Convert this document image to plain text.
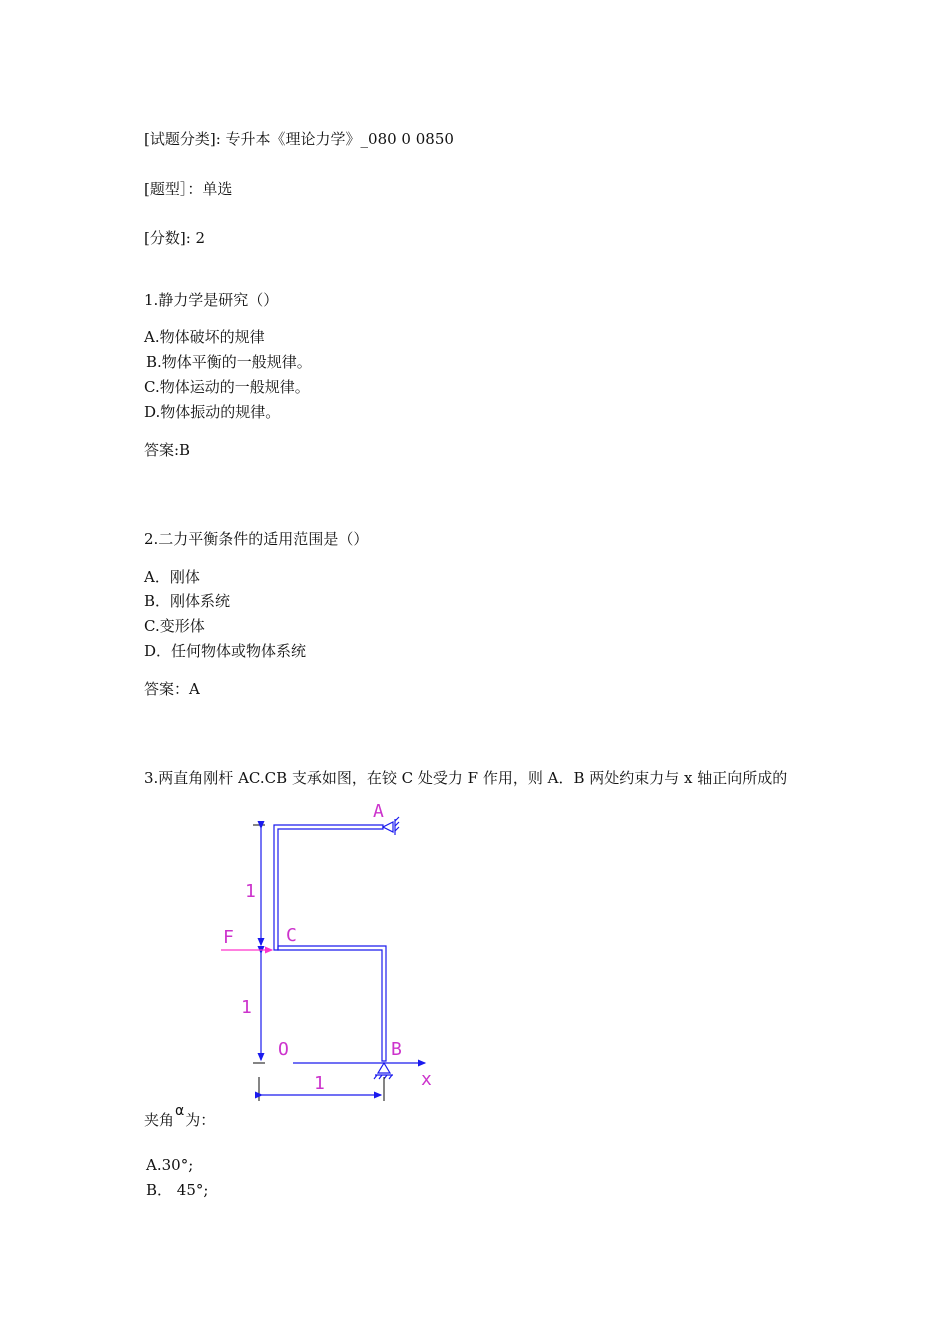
[试题分类]: 专升本《理论力学》_080 0 0850
[题型］：单选
[分数]: 2
1.静力学是研究（）
A.物体破坏的规律
B.物体平衡的一般规律。
C.物体运动的一般规律。
D.物体振动的规律。
答案:B
2.二力平衡条件的适用范围是（）
A．刚体
B．刚体系统
C.变形体
D．任何物体或物体系统
答案：A
3.两直角刚杆 AC.CB 支承如图，在铰 C 处受力 F 作用，则 A．B 两处约束力与 x 轴正向所成的
A
C
F
O	B
x
1
1
1
夹角α为：
A.30°;
B． 45°;
